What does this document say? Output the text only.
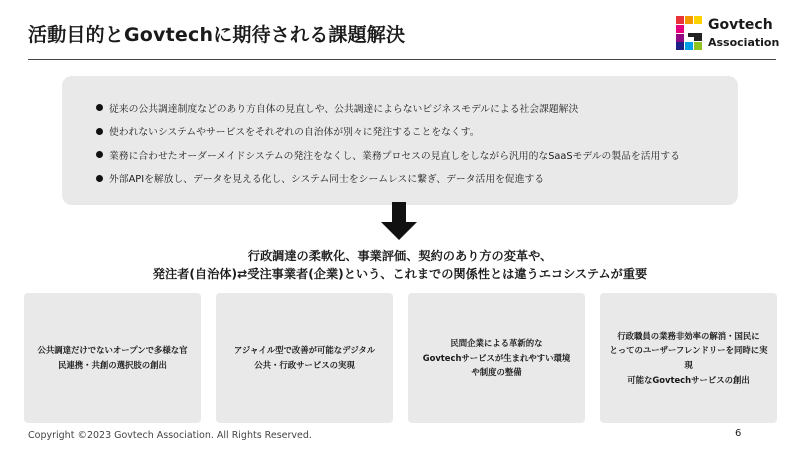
活動目的とGovtechに期待される課題解決	Govtech
Association
従来の公共調達制度などのあり方自体の見直しや、公共調達によらないビジネスモデルによる社会課題解決
使われないシステムやサービスをそれぞれの自治体が別々に発注することをなくす。
業務に合わせたオーダーメイドシステムの発注をなくし、業務プロセスの見直しをしながら汎用的なSaaSモデルの製品を活用する
外部APIを解放し、データを見える化し、システム同士をシームレスに繋ぎ、データ活用を促進する
行政調達の柔軟化、事業評価、契約のあり方の変革や、
発注者(自治体)⇄受注事業者(企業)という、これまでの関係性とは違うエコシステムが重要
公共調達だけでないオープンで多様な官
民連携・共創の選択肢の創出
アジャイル型で改善が可能なデジタル
公共・行政サービスの実現
民間企業による革新的な
Govtechサービスが生まれやすい環境
や制度の整備
行政職員の業務非効率の解消・国民に
とってのユーザーフレンドリーを同時に実現
可能なGovtechサービスの創出
Copyright ©2023 Govtech Association. All Rights Reserved.	6
